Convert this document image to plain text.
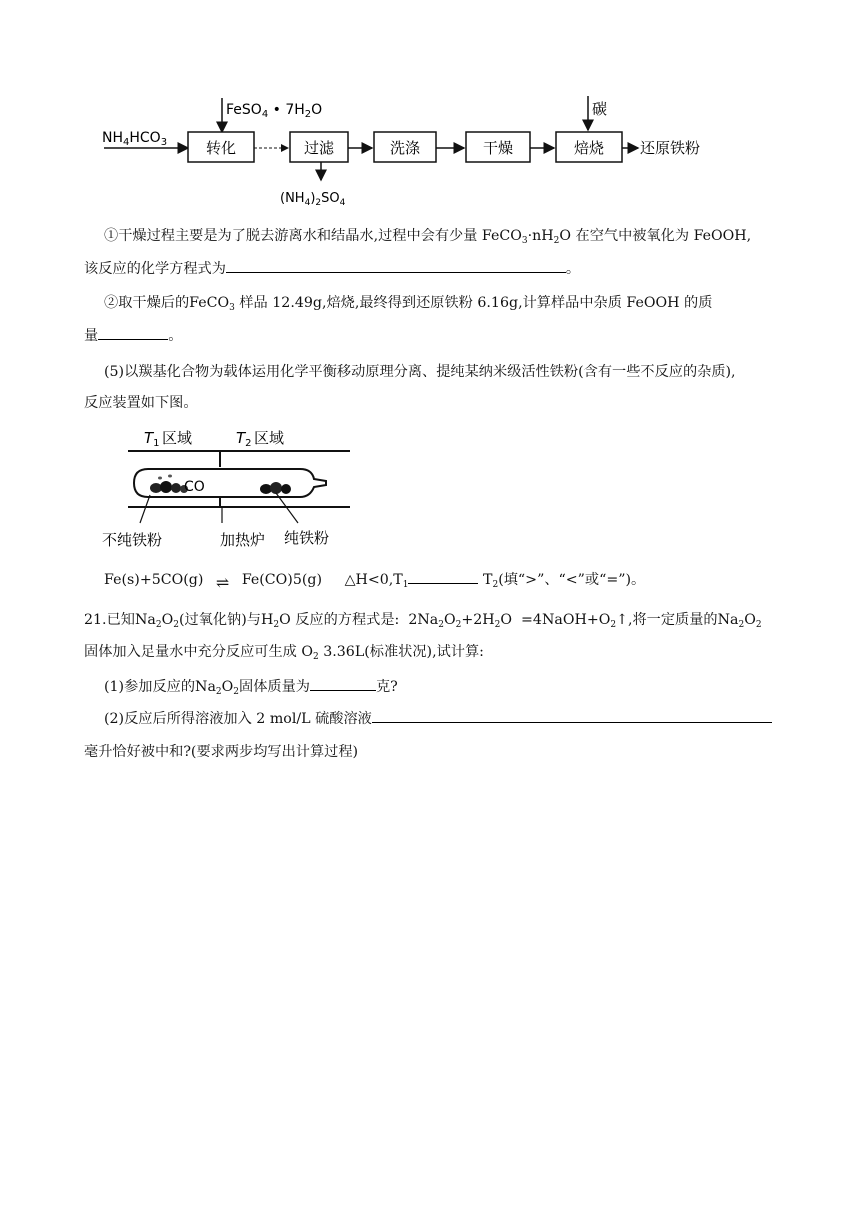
$NH_4HCO_3$
FeSO$_4$ • $7H_2O$
转化	过滤	洗涤	干燥	焙烧
$(NH_4)_2SO_4$
碳
还原铁粉
①干燥过程主要是为了脱去游离水和结晶水,过程中会有少量 $FeCO_3\cdot nH_2O$ 在空气中被氧化为 FeOOH,
该反应的化学方程式为	。
②取干燥后的FeCO$_3$ 样品 12.49g,焙烧,最终得到还原铁粉 6.16g,计算样品中杂质 FeOOH 的质
量	。
(5)以羰基化合物为载体运用化学平衡移动原理分离、提纯某纳米级活性铁粉(含有一些不反应的杂质),
反应装置如下图。
$T_1$ 区域	$T_2$ 区域
CO
不纯铁粉	加热炉 纯铁粉
Fe(s)+5CO(g) ⇌ Fe(CO)5(g) $\triangle H<0,T_1$	$T_2$(填“>”、“<”或“=”)。
21.已知$Na_2O_2$(过氧化钠)与$H_2O$ 反应的方程式是:  $2Na_2O_2+2H_2O$  $=4NaOH+O_2↑$,将一定质量的$Na_2O_2$
固体加入足量水中充分反应可生成 $O_2$ 3.36L(标准状况),试计算:
(1)参加反应的$Na_2O_2$固体质量为	克?
(2)反应后所得溶液加入 2 mol/L 硫酸溶液
毫升恰好被中和?(要求两步均写出计算过程)
